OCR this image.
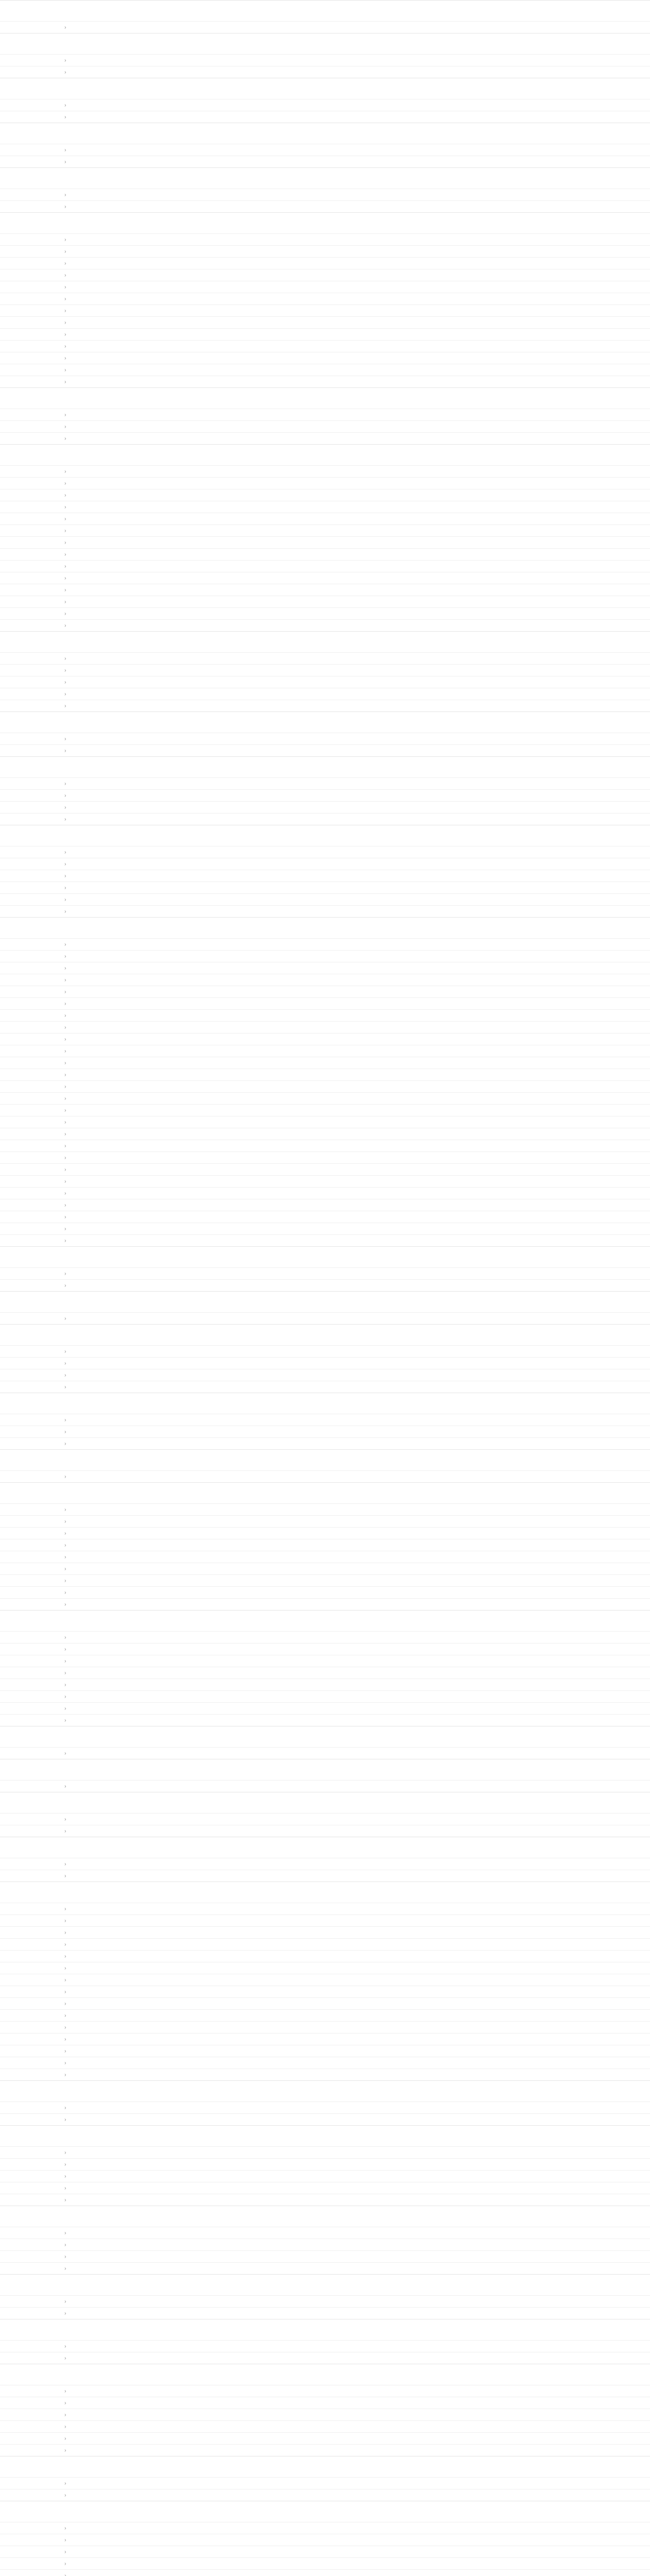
›
›
›
›
›
›
›
›
›
›
›
›
›
›
›
›
›
›
›
›
›
›
›
›
›
›
›
›
›
›
›
›
›
›
›
›
›
›
›
›
›
›
›
›
›
›
›
›
›
›
›
›
›
›
›
›
›
›
›
›
›
›
›
›
›
›
›
›
›
›
›
›
›
›
›
›
›
›
›
›
›
›
›
›
›
›
›
›
›
›
›
›
›
›
›
›
›
›
›
›
›
›
›
›
›
›
›
›
›
›
›
›
›
›
›
›
›
›
›
›
›
›
›
›
›
›
›
›
›
›
›
›
›
›
›
›
›
›
›
›
›
›
›
›
›
›
›
›
›
›
›
›
›
›
›
›
›
›
›
